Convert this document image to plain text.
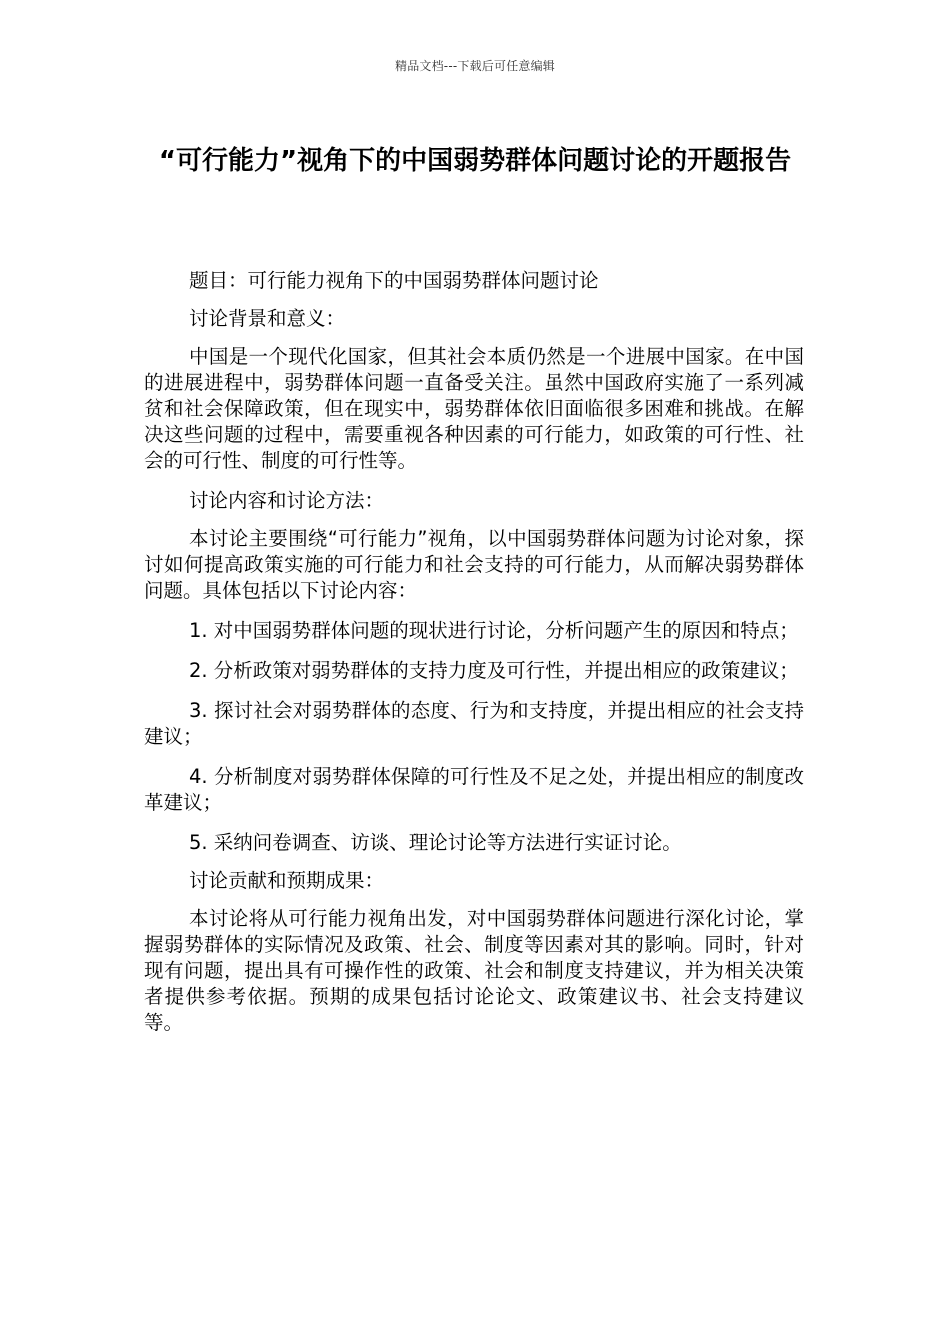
精品文档---下载后可任意编辑
“可行能力”视角下的中国弱势群体问题讨论的开题报告

题目：可行能力视角下的中国弱势群体问题讨论

讨论背景和意义：

中国是一个现代化国家，但其社会本质仍然是一个进展中国家。在中国的进展进程中，弱势群体问题一直备受关注。虽然中国政府实施了一系列减贫和社会保障政策，但在现实中，弱势群体依旧面临很多困难和挑战。在解决这些问题的过程中，需要重视各种因素的可行能力，如政策的可行性、社会的可行性、制度的可行性等。

讨论内容和讨论方法：

本讨论主要围绕“可行能力”视角，以中国弱势群体问题为讨论对象，探讨如何提高政策实施的可行能力和社会支持的可行能力，从而解决弱势群体问题。具体包括以下讨论内容：

1. 对中国弱势群体问题的现状进行讨论，分析问题产生的原因和特点；

2. 分析政策对弱势群体的支持力度及可行性，并提出相应的政策建议；

3. 探讨社会对弱势群体的态度、行为和支持度，并提出相应的社会支持建议；

4. 分析制度对弱势群体保障的可行性及不足之处，并提出相应的制度改革建议；

5. 采纳问卷调查、访谈、理论讨论等方法进行实证讨论。

讨论贡献和预期成果：

本讨论将从可行能力视角出发，对中国弱势群体问题进行深化讨论，掌握弱势群体的实际情况及政策、社会、制度等因素对其的影响。同时，针对现有问题，提出具有可操作性的政策、社会和制度支持建议，并为相关决策者提供参考依据。预期的成果包括讨论论文、政策建议书、社会支持建议等。
